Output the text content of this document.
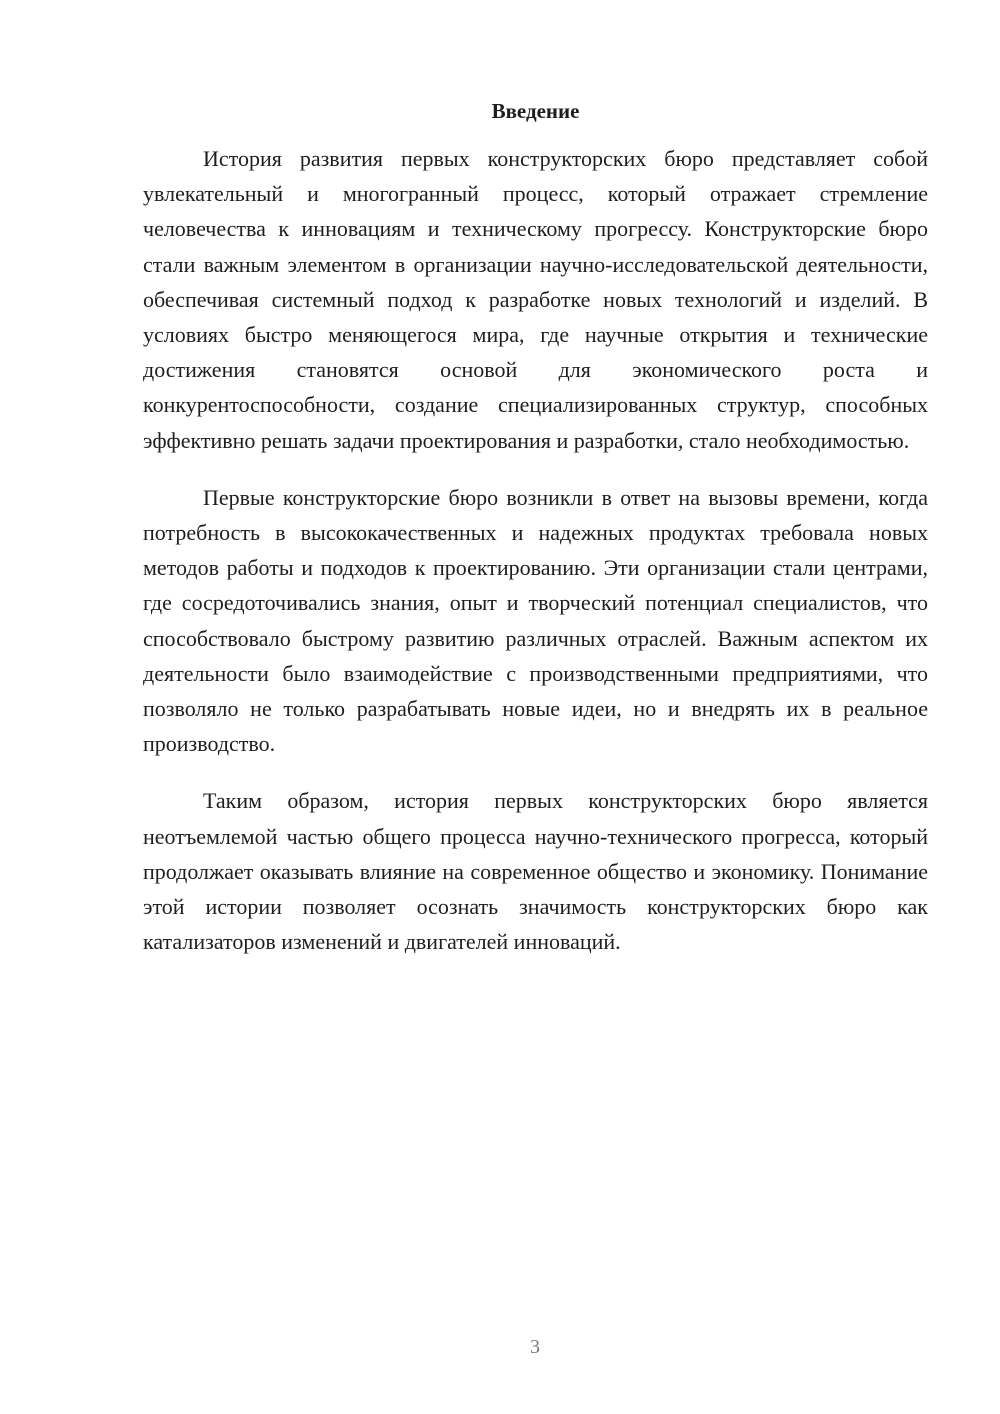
Введение

История развития первых конструкторских бюро представляет собой увлекательный и многогранный процесс, который отражает стремление человечества к инновациям и техническому прогрессу. Конструкторские бюро стали важным элементом в организации научно-исследовательской деятельности, обеспечивая системный подход к разработке новых технологий и изделий. В условиях быстро меняющегося мира, где научные открытия и технические достижения становятся основой для экономического роста и конкурентоспособности, создание специализированных структур, способных эффективно решать задачи проектирования и разработки, стало необходимостью.

Первые конструкторские бюро возникли в ответ на вызовы времени, когда потребность в высококачественных и надежных продуктах требовала новых методов работы и подходов к проектированию. Эти организации стали центрами, где сосредоточивались знания, опыт и творческий потенциал специалистов, что способствовало быстрому развитию различных отраслей. Важным аспектом их деятельности было взаимодействие с производственными предприятиями, что позволяло не только разрабатывать новые идеи, но и внедрять их в реальное производство.

Таким образом, история первых конструкторских бюро является неотъемлемой частью общего процесса научно-технического прогресса, который продолжает оказывать влияние на современное общество и экономику. Понимание этой истории позволяет осознать значимость конструкторских бюро как катализаторов изменений и двигателей инноваций.

3
